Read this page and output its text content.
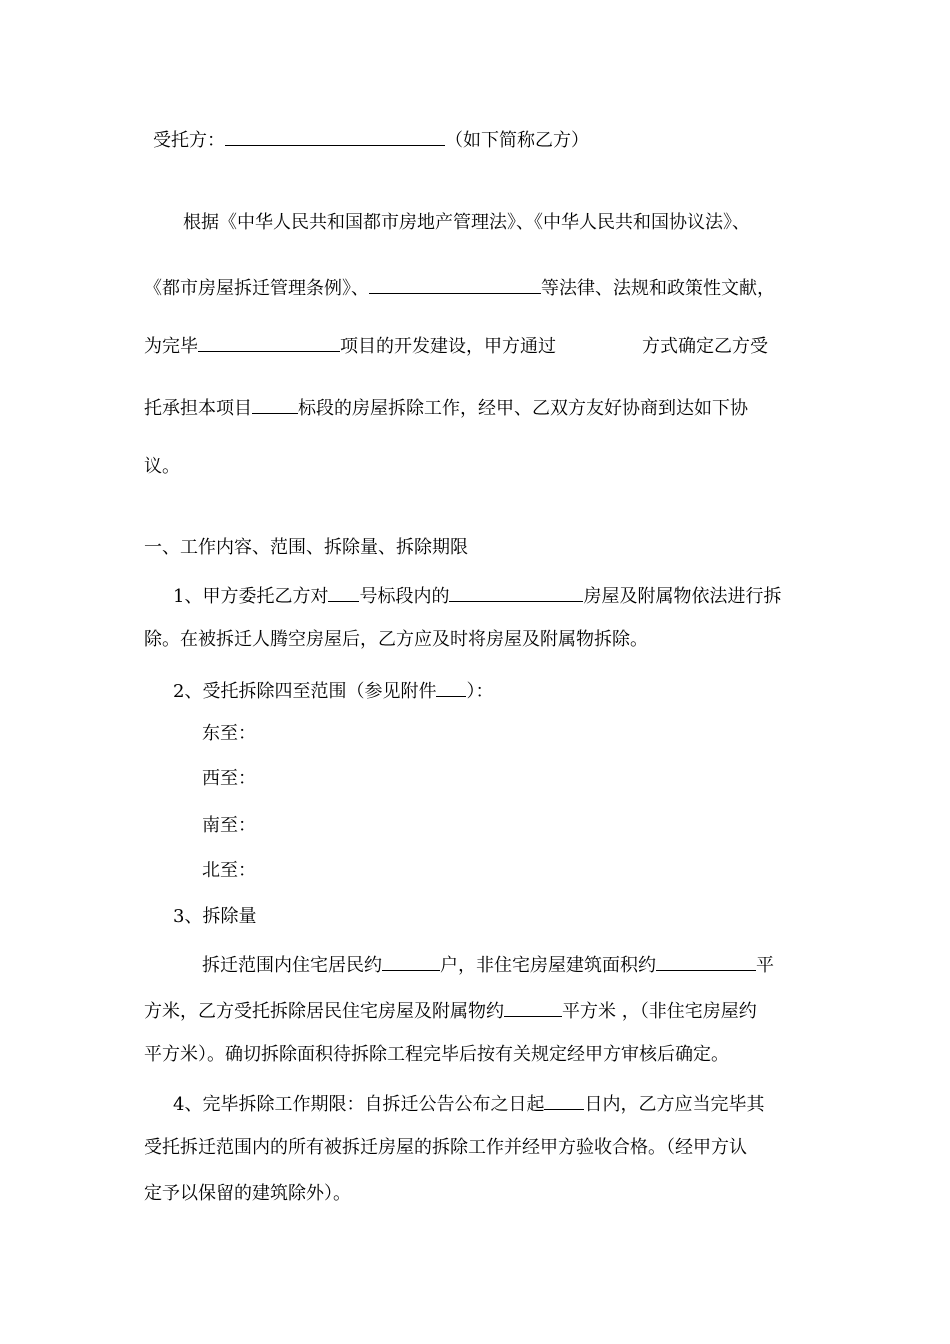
受托方：	（如下简称乙方）
根据《中华人民共和国都市房地产管理法》、《中华人民共和国协议法》、
《都市房屋拆迁管理条例》、	等法律、法规和政策性文献，
为完毕	项目的开发建设，甲方通过	方式确定乙方受
托承担本项目	标段的房屋拆除工作，经甲、乙双方友好协商到达如下协
议。
一、工作内容、范围、拆除量、拆除期限
1、甲方委托乙方对 号标段内的	房屋及附属物依法进行拆
除。在被拆迁人腾空房屋后，乙方应及时将房屋及附属物拆除。
2、受托拆除四至范围（参见附件 ）：
东至：
西至：
南至：
北至：
3、拆除量
拆迁范围内住宅居民约	户，非住宅房屋建筑面积约	平
方米，乙方受托拆除居民住宅房屋及附属物约	平方米 ，（非住宅房屋约
平方米）。确切拆除面积待拆除工程完毕后按有关规定经甲方审核后确定。
4、完毕拆除工作期限：自拆迁公告公布之日起 日内，乙方应当完毕其
受托拆迁范围内的所有被拆迁房屋的拆除工作并经甲方验收合格。（经甲方认
定予以保留的建筑除外）。
